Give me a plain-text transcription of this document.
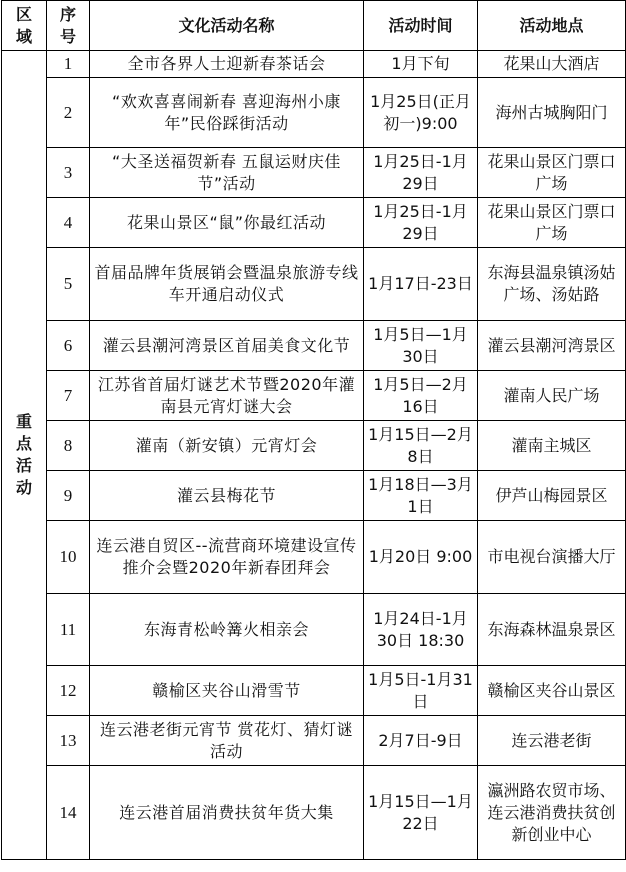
区域	序号	文化活动名称	活动时间	活动地点
重点活动	1	全市各界人士迎新春茶话会	1月下旬	花果山大酒店
	2	“欢欢喜喜闹新春 喜迎海州小康年”民俗踩街活动	1月25日(正月初一)9:00	海州古城胸阳门
	3	“大圣送福贺新春 五鼠运财庆佳节”活动	1月25日-1月29日	花果山景区门票口广场
	4	花果山景区“鼠”你最红活动	1月25日-1月29日	花果山景区门票口广场
	5	首届品牌年货展销会暨温泉旅游专线车开通启动仪式	1月17日-23日	东海县温泉镇汤姑广场、汤姑路
	6	灌云县潮河湾景区首届美食文化节	1月5日—1月30日	灌云县潮河湾景区
	7	江苏省首届灯谜艺术节暨2020年灌南县元宵灯谜大会	1月5日—2月16日	灌南人民广场
	8	灌南（新安镇）元宵灯会	1月15日—2月8日	灌南主城区
	9	灌云县梅花节	1月18日—3月1日	伊芦山梅园景区
	10	连云港自贸区--流营商环境建设宣传推介会暨2020年新春团拜会	1月20日 9:00	市电视台演播大厅
	11	东海青松岭篝火相亲会	1月24日-1月30日 18:30	东海森林温泉景区
	12	赣榆区夹谷山滑雪节	1月5日-1月31日	赣榆区夹谷山景区
	13	连云港老街元宵节 赏花灯、猜灯谜活动	2月7日-9日	连云港老街
	14	连云港首届消费扶贫年货大集	1月15日—1月22日	瀛洲路农贸市场、连云港消费扶贫创新创业中心
